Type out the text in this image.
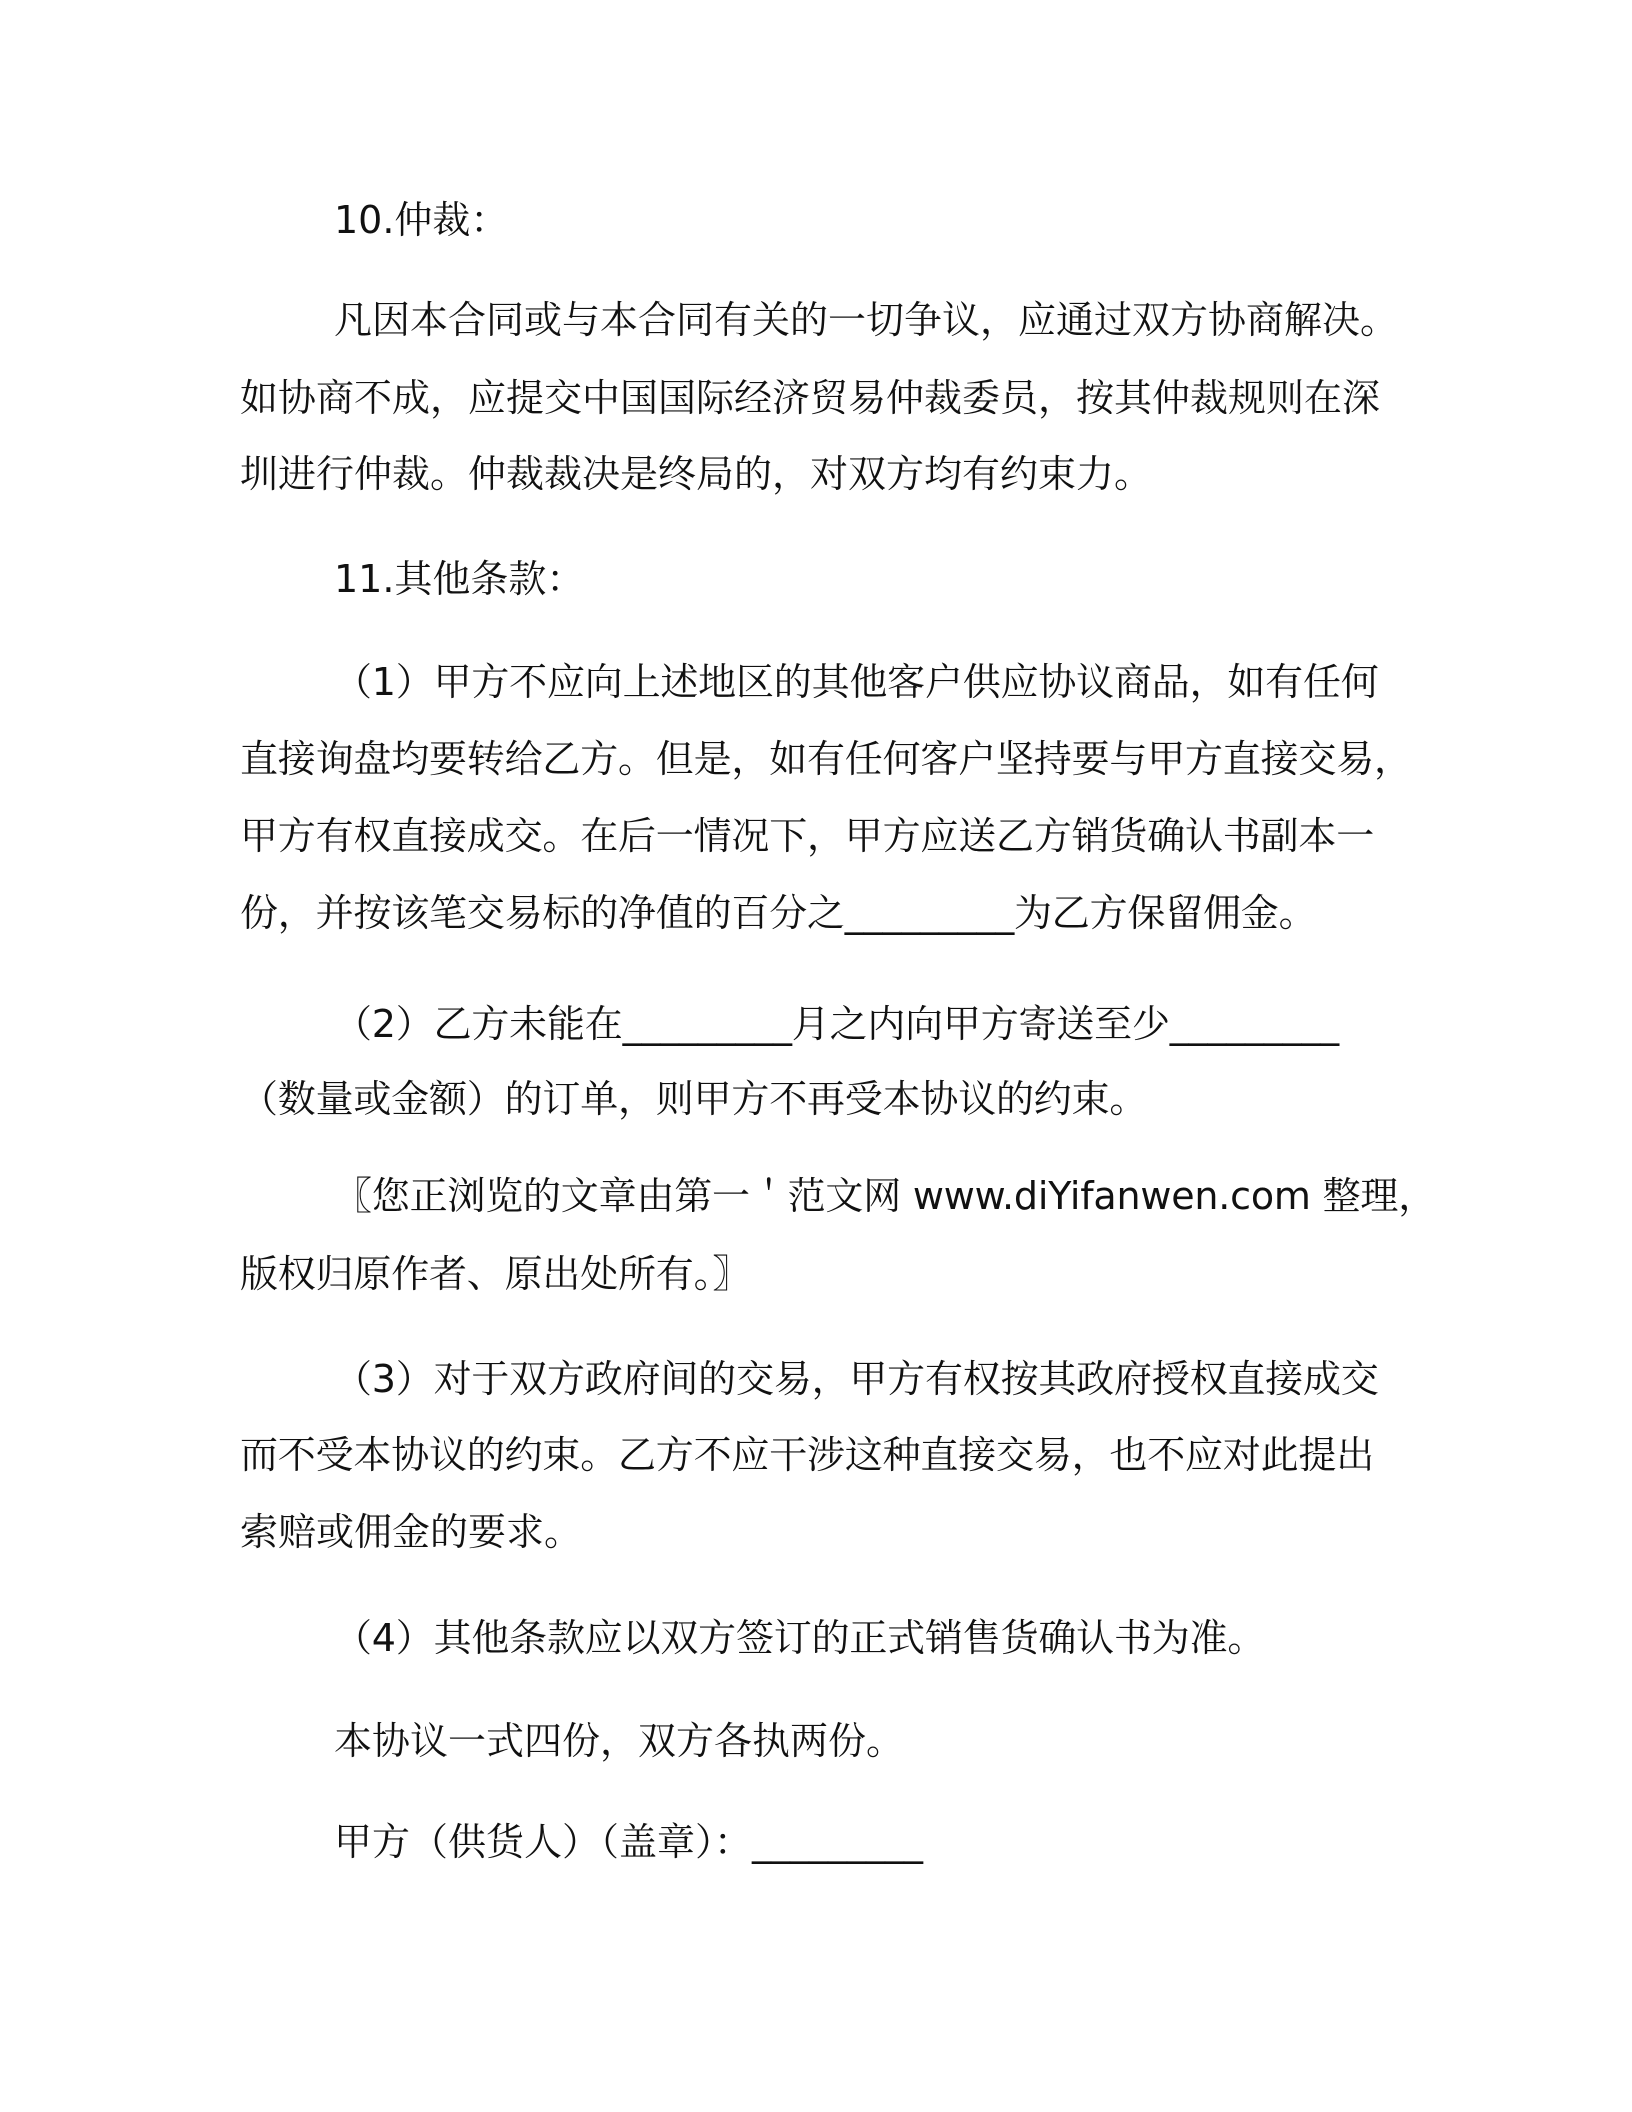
10.仲裁：
凡因本合同或与本合同有关的一切争议，应通过双方协商解决。
如协商不成，应提交中国国际经济贸易仲裁委员，按其仲裁规则在深
圳进行仲裁。仲裁裁决是终局的，对双方均有约束力。
11.其他条款：
（1）甲方不应向上述地区的其他客户供应协议商品，如有任何
直接询盘均要转给乙方。但是，如有任何客户坚持要与甲方直接交易，
甲方有权直接成交。在后一情况下，甲方应送乙方销货确认书副本一
份，并按该笔交易标的净值的百分之_________为乙方保留佣金。
（2）乙方未能在_________月之内向甲方寄送至少_________
（数量或金额）的订单，则甲方不再受本协议的约束。
〖您正浏览的文章由第一＇范文网 www.diYifanwen.com 整理，
版权归原作者、原出处所有。〗
（3）对于双方政府间的交易，甲方有权按其政府授权直接成交
而不受本协议的约束。乙方不应干涉这种直接交易，也不应对此提出
索赔或佣金的要求。
（4）其他条款应以双方签订的正式销售货确认书为准。
本协议一式四份，双方各执两份。
甲方（供货人）（盖章）：_________
